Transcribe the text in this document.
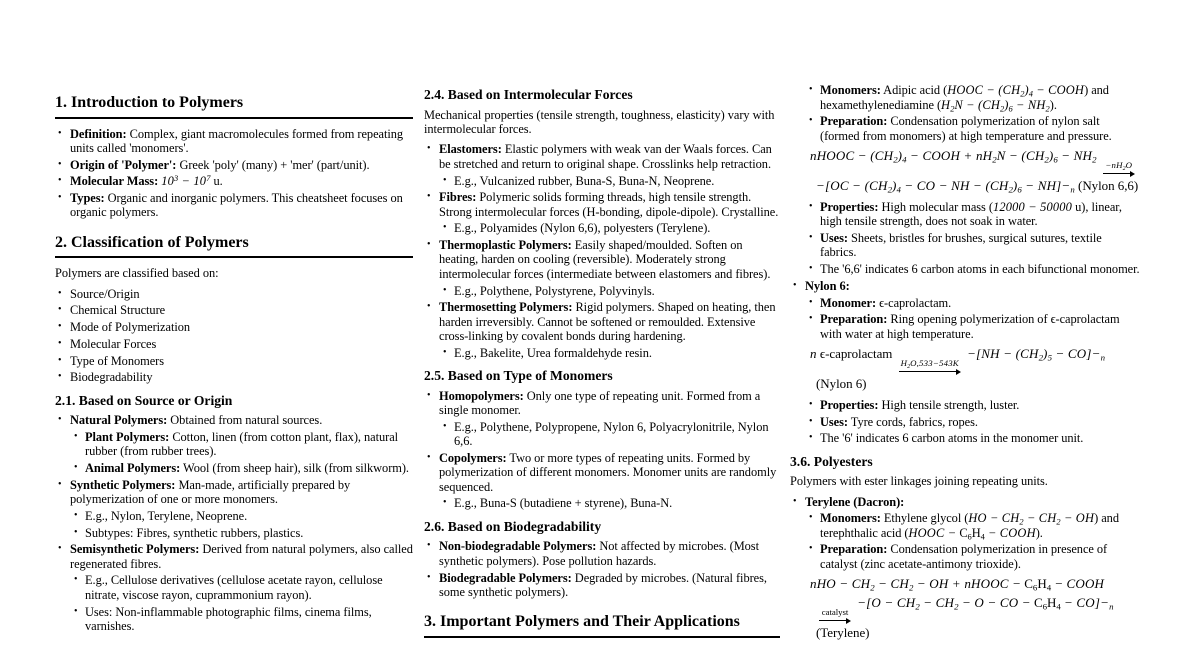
1. Introduction to Polymers
• Definition: Complex, giant macromolecules formed from repeating units called 'monomers'.
• Origin of 'Polymer': Greek 'poly' (many) + 'mer' (part/unit).
• Molecular Mass: $10^3 - 10^7$ u.
• Types: Organic and inorganic polymers. This cheatsheet focuses on organic polymers.
2. Classification of Polymers
Polymers are classified based on:
• Source/Origin
• Chemical Structure
• Mode of Polymerization
• Molecular Forces
• Type of Monomers
• Biodegradability
2.1. Based on Source or Origin
• Natural Polymers: Obtained from natural sources.
• Plant Polymers: Cotton, linen (from cotton plant, flax), natural rubber (from rubber trees).
• Animal Polymers: Wool (from sheep hair), silk (from silkworm).
• Synthetic Polymers: Man-made, artificially prepared by polymerization of one or more monomers.
• E.g., Nylon, Terylene, Neoprene.
• Subtypes: Fibres, synthetic rubbers, plastics.
• Semisynthetic Polymers: Derived from natural polymers, also called regenerated fibres.
• E.g., Cellulose derivatives (cellulose acetate rayon, cellulose nitrate, viscose rayon, cuprammonium rayon).
• Uses: Non-inflammable photographic films, cinema films, varnishes.
2.4. Based on Intermolecular Forces
Mechanical properties (tensile strength, toughness, elasticity) vary with intermolecular forces.
• Elastomers: Elastic polymers with weak van der Waals forces. Can be stretched and return to original shape. Crosslinks help retraction.
• E.g., Vulcanized rubber, Buna-S, Buna-N, Neoprene.
• Fibres: Polymeric solids forming threads, high tensile strength. Strong intermolecular forces (H-bonding, dipole-dipole). Crystalline.
• E.g., Polyamides (Nylon 6,6), polyesters (Terylene).
• Thermoplastic Polymers: Easily shaped/moulded. Soften on heating, harden on cooling (reversible). Moderately strong intermolecular forces (intermediate between elastomers and fibres).
• E.g., Polythene, Polystyrene, Polyvinyls.
• Thermosetting Polymers: Rigid polymers. Shaped on heating, then harden irreversibly. Cannot be softened or remoulded. Extensive cross-linking by covalent bonds during hardening.
• E.g., Bakelite, Urea formaldehyde resin.
2.5. Based on Type of Monomers
• Homopolymers: Only one type of repeating unit. Formed from a single monomer.
• E.g., Polythene, Polypropene, Nylon 6, Polyacrylonitrile, Nylon 6,6.
• Copolymers: Two or more types of repeating units. Formed by polymerization of different monomers. Monomer units are randomly sequenced.
• E.g., Buna-S (butadiene + styrene), Buna-N.
2.6. Based on Biodegradability
• Non-biodegradable Polymers: Not affected by microbes. (Most synthetic polymers). Pose pollution hazards.
• Biodegradable Polymers: Degraded by microbes. (Natural fibres, some synthetic polymers).
3. Important Polymers and Their Applications
• Monomers: Adipic acid (HOOC − $(CH_2)_4$ − COOH) and hexamethylenediamine $(H_2N - (CH_2)_6 - NH_2)$.
• Preparation: Condensation polymerization of nylon salt (formed from monomers) at high temperature and pressure.
nHOOC − $(CH_2)_4$ − COOH + $nH_2N - (CH_2)_6 - NH_2$
$-nH_2O$
$-[OC - (CH_2)_4$ − CO − NH − $(CH_2)_6 - NH]-_n$ (Nylon 6,6)
• Properties: High molecular mass (12000 − 50000 u), linear, high tensile strength, does not soak in water.
• Uses: Sheets, bristles for brushes, surgical sutures, textile fabrics.
• The '6,6' indicates 6 carbon atoms in each bifunctional monomer.
• Nylon 6:
• Monomer: ϵ-caprolactam.
• Preparation: Ring opening polymerization of ϵ-caprolactam with water at high temperature.
n ϵ-caprolactam
$H_2O,533-543K$
$-[NH - (CH_2)_5 - CO]-_n$ (Nylon 6)
• Properties: High tensile strength, luster.
• Uses: Tyre cords, fabrics, ropes.
• The '6' indicates 6 carbon atoms in the monomer unit.
3.6. Polyesters
Polymers with ester linkages joining repeating units.
• Terylene (Dacron):
• Monomers: Ethylene glycol $(HO - CH_2 - CH_2 - OH)$ and terephthalic acid (HOOC − $C_6H_4$ − COOH).
• Preparation: Condensation polymerization in presence of catalyst (zinc acetate-antimony trioxide).
nHO − $CH_2 - CH_2$ − OH + nHOOC − $C_6H_4$ − COOH
catalyst
$-[O - CH_2 - CH_2 - O$ − CO − $C_6H_4 - CO]-_n$ (Terylene)
